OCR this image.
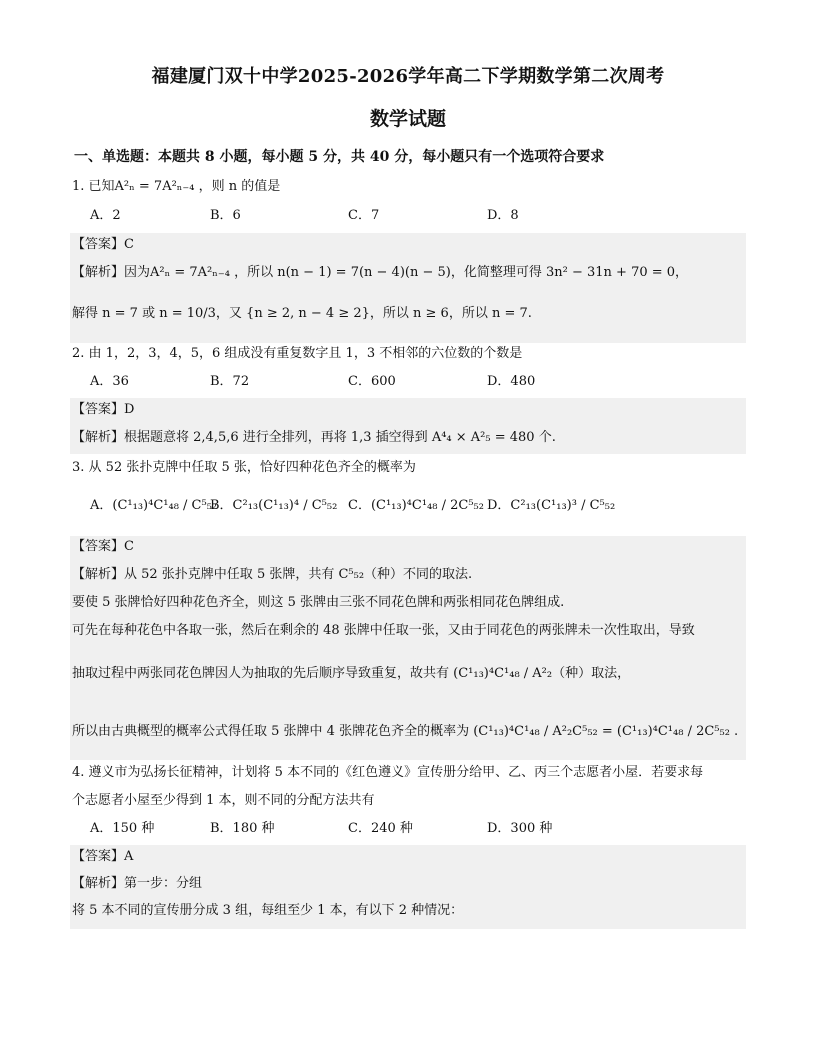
福建厦门双十中学2025-2026学年高二下学期数学第二次周考
数学试题
一、单选题：本题共 8 小题，每小题 5 分，共 40 分，每小题只有一个选项符合要求
1. 已知A²ₙ = 7A²ₙ₋₄ ，则 n 的值是
A．2	B．6	C．7	D．8
【答案】C
【解析】因为A²ₙ = 7A²ₙ₋₄ ，所以 n(n − 1) = 7(n − 4)(n − 5)，化简整理可得 3n² − 31n + 70 = 0，
解得 n = 7 或 n = 10/3，又 {n ≥ 2, n − 4 ≥ 2}，所以 n ≥ 6，所以 n = 7.
2. 由 1，2，3，4，5，6 组成没有重复数字且 1，3 不相邻的六位数的个数是
A．36	B．72	C．600	D．480
【答案】D
【解析】根据题意将 2,4,5,6 进行全排列，再将 1,3 插空得到 A⁴₄ × A²₅ = 480 个.
3. 从 52 张扑克牌中任取 5 张，恰好四种花色齐全的概率为
A．(C¹₁₃)⁴C¹₄₈ / C⁵₅₂
B．C²₁₃(C¹₁₃)⁴ / C⁵₅₂ C．(C¹₁₃)⁴C¹₄₈ / 2C⁵₅₂ D．C²₁₃(C¹₁₃)³ / C⁵₅₂
【答案】C
【解析】从 52 张扑克牌中任取 5 张牌，共有 C⁵₅₂（种）不同的取法.
要使 5 张牌恰好四种花色齐全，则这 5 张牌由三张不同花色牌和两张相同花色牌组成.
可先在每种花色中各取一张，然后在剩余的 48 张牌中任取一张，又由于同花色的两张牌未一次性取出，导致
抽取过程中两张同花色牌因人为抽取的先后顺序导致重复，故共有 (C¹₁₃)⁴C¹₄₈ / A²₂（种）取法，
所以由古典概型的概率公式得任取 5 张牌中 4 张牌花色齐全的概率为 (C¹₁₃)⁴C¹₄₈ / A²₂C⁵₅₂ = (C¹₁₃)⁴C¹₄₈ / 2C⁵₅₂ .
4. 遵义市为弘扬长征精神，计划将 5 本不同的《红色遵义》宣传册分给甲、乙、丙三个志愿者小屋．若要求每
个志愿者小屋至少得到 1 本，则不同的分配方法共有
A．150 种	B．180 种	C．240 种	D．300 种
【答案】A
【解析】第一步：分组
将 5 本不同的宣传册分成 3 组，每组至少 1 本，有以下 2 种情况：
